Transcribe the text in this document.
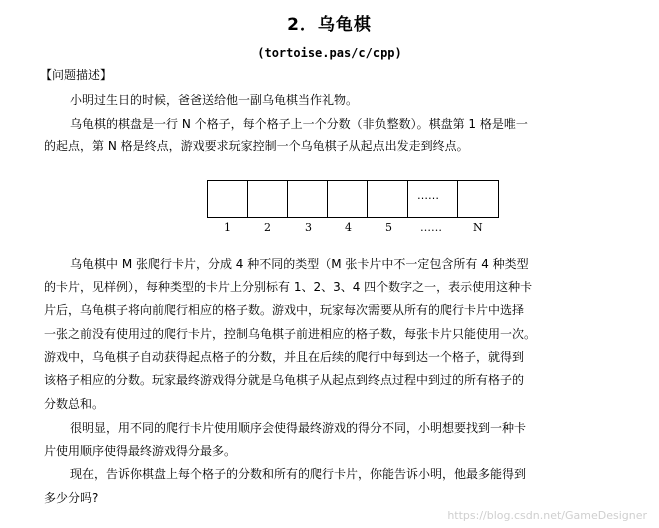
2．乌龟棋
(tortoise.pas/c/cpp)
【问题描述】
小明过生日的时候，爸爸送给他一副乌龟棋当作礼物。
乌龟棋的棋盘是一行 N 个格子，每个格子上一个分数（非负整数）。棋盘第 1 格是唯一
的起点，第 N 格是终点，游戏要求玩家控制一个乌龟棋子从起点出发走到终点。
……
1	2	3	4	5	……	N
乌龟棋中 M 张爬行卡片，分成 4 种不同的类型（M 张卡片中不一定包含所有 4 种类型
的卡片，见样例），每种类型的卡片上分别标有 1、2、3、4 四个数字之一，表示使用这种卡
片后，乌龟棋子将向前爬行相应的格子数。游戏中，玩家每次需要从所有的爬行卡片中选择
一张之前没有使用过的爬行卡片，控制乌龟棋子前进相应的格子数，每张卡片只能使用一次。
游戏中，乌龟棋子自动获得起点格子的分数，并且在后续的爬行中每到达一个格子，就得到
该格子相应的分数。玩家最终游戏得分就是乌龟棋子从起点到终点过程中到过的所有格子的
分数总和。
很明显，用不同的爬行卡片使用顺序会使得最终游戏的得分不同，小明想要找到一种卡
片使用顺序使得最终游戏得分最多。
现在，告诉你棋盘上每个格子的分数和所有的爬行卡片，你能告诉小明，他最多能得到
多少分吗?
https://blog.csdn.net/GameDesigner
